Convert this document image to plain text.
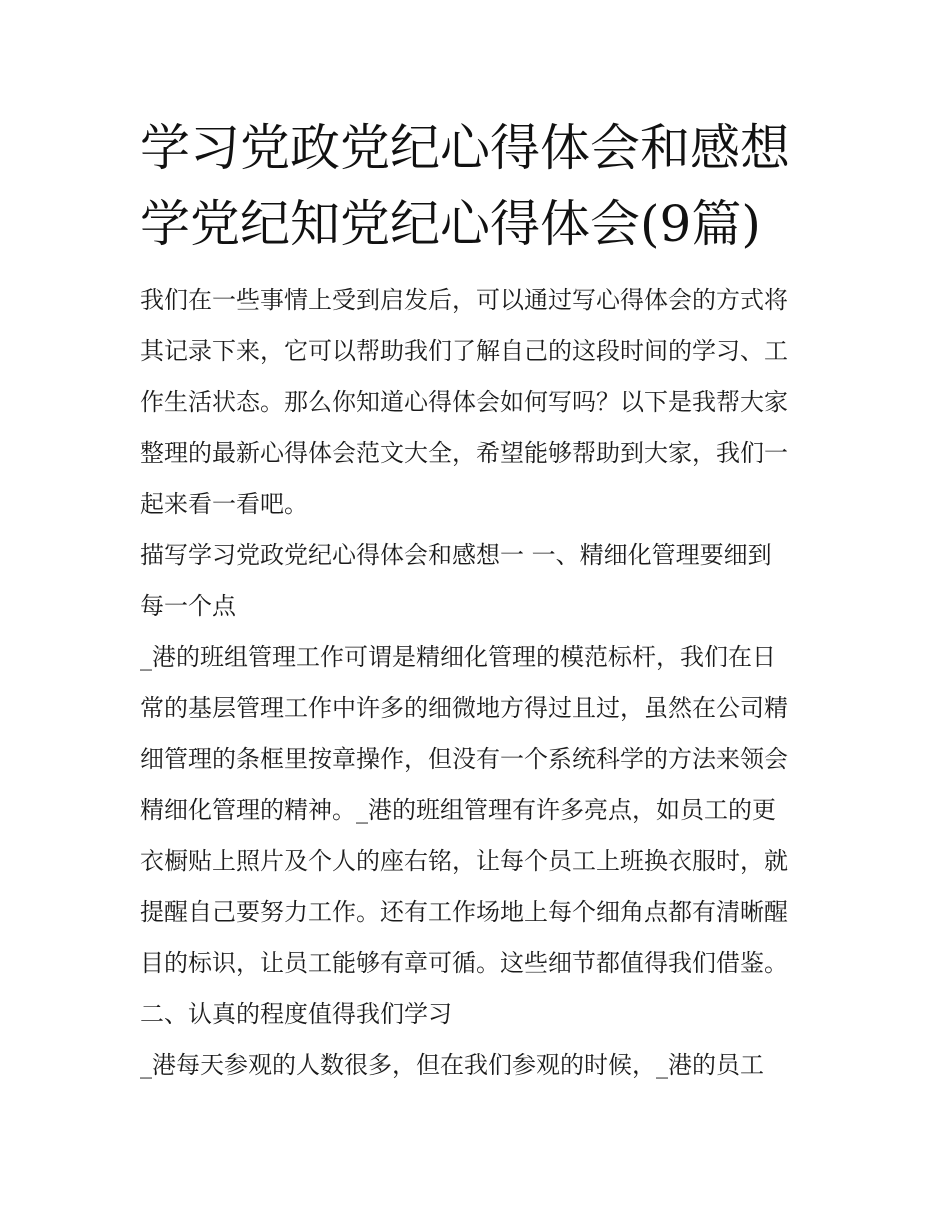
学习党政党纪心得体会和感想
学党纪知党纪心得体会(9篇)
我们在一些事情上受到启发后，可以通过写心得体会的方式将
其记录下来，它可以帮助我们了解自己的这段时间的学习、工
作生活状态。那么你知道心得体会如何写吗？以下是我帮大家
整理的最新心得体会范文大全，希望能够帮助到大家，我们一
起来看一看吧。
描写学习党政党纪心得体会和感想一 一、精细化管理要细到
每一个点
_港的班组管理工作可谓是精细化管理的模范标杆，我们在日
常的基层管理工作中许多的细微地方得过且过，虽然在公司精
细管理的条框里按章操作，但没有一个系统科学的方法来领会
精细化管理的精神。_港的班组管理有许多亮点，如员工的更
衣橱贴上照片及个人的座右铭，让每个员工上班换衣服时，就
提醒自己要努力工作。还有工作场地上每个细角点都有清晰醒
目的标识，让员工能够有章可循。这些细节都值得我们借鉴。
二、认真的程度值得我们学习
_港每天参观的人数很多，但在我们参观的时候，_港的员工
